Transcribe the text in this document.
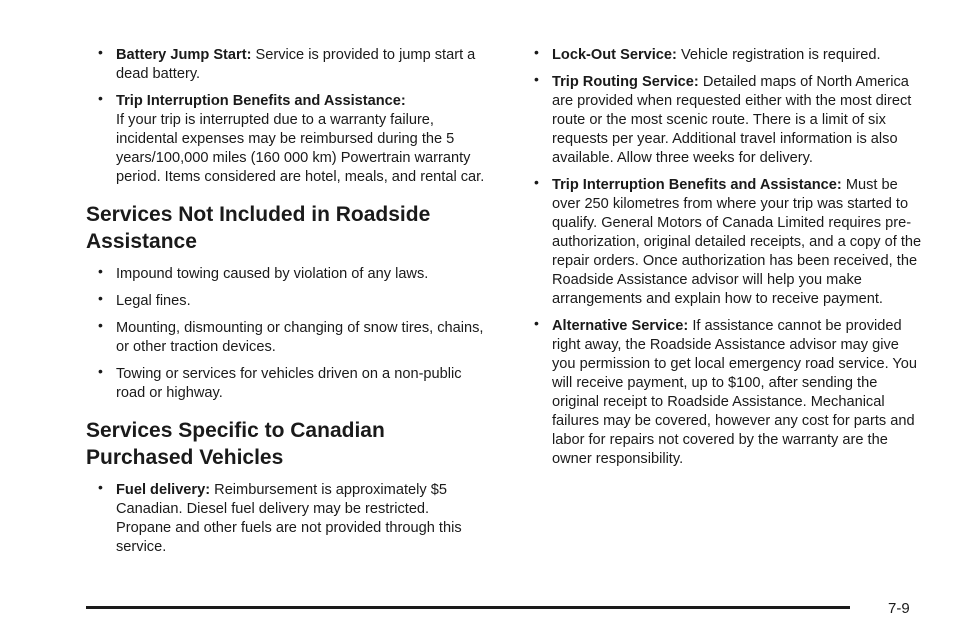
• Battery Jump Start: Service is provided to jump start a dead battery.
• Trip Interruption Benefits and Assistance:
If your trip is interrupted due to a warranty failure, incidental expenses may be reimbursed during the 5 years/100,000 miles (160 000 km) Powertrain warranty period. Items considered are hotel, meals, and rental car.
Services Not Included in Roadside Assistance
• Impound towing caused by violation of any laws.
• Legal fines.
• Mounting, dismounting or changing of snow tires, chains, or other traction devices.
• Towing or services for vehicles driven on a non-public road or highway.
Services Specific to Canadian Purchased Vehicles
• Fuel delivery: Reimbursement is approximately $5 Canadian. Diesel fuel delivery may be restricted. Propane and other fuels are not provided through this service.
• Lock-Out Service: Vehicle registration is required.
• Trip Routing Service: Detailed maps of North America are provided when requested either with the most direct route or the most scenic route. There is a limit of six requests per year. Additional travel information is also available. Allow three weeks for delivery.
• Trip Interruption Benefits and Assistance: Must be over 250 kilometres from where your trip was started to qualify. General Motors of Canada Limited requires pre-authorization, original detailed receipts, and a copy of the repair orders. Once authorization has been received, the Roadside Assistance advisor will help you make arrangements and explain how to receive payment.
• Alternative Service: If assistance cannot be provided right away, the Roadside Assistance advisor may give you permission to get local emergency road service. You will receive payment, up to $100, after sending the original receipt to Roadside Assistance. Mechanical failures may be covered, however any cost for parts and labor for repairs not covered by the warranty are the owner responsibility.
7-9
